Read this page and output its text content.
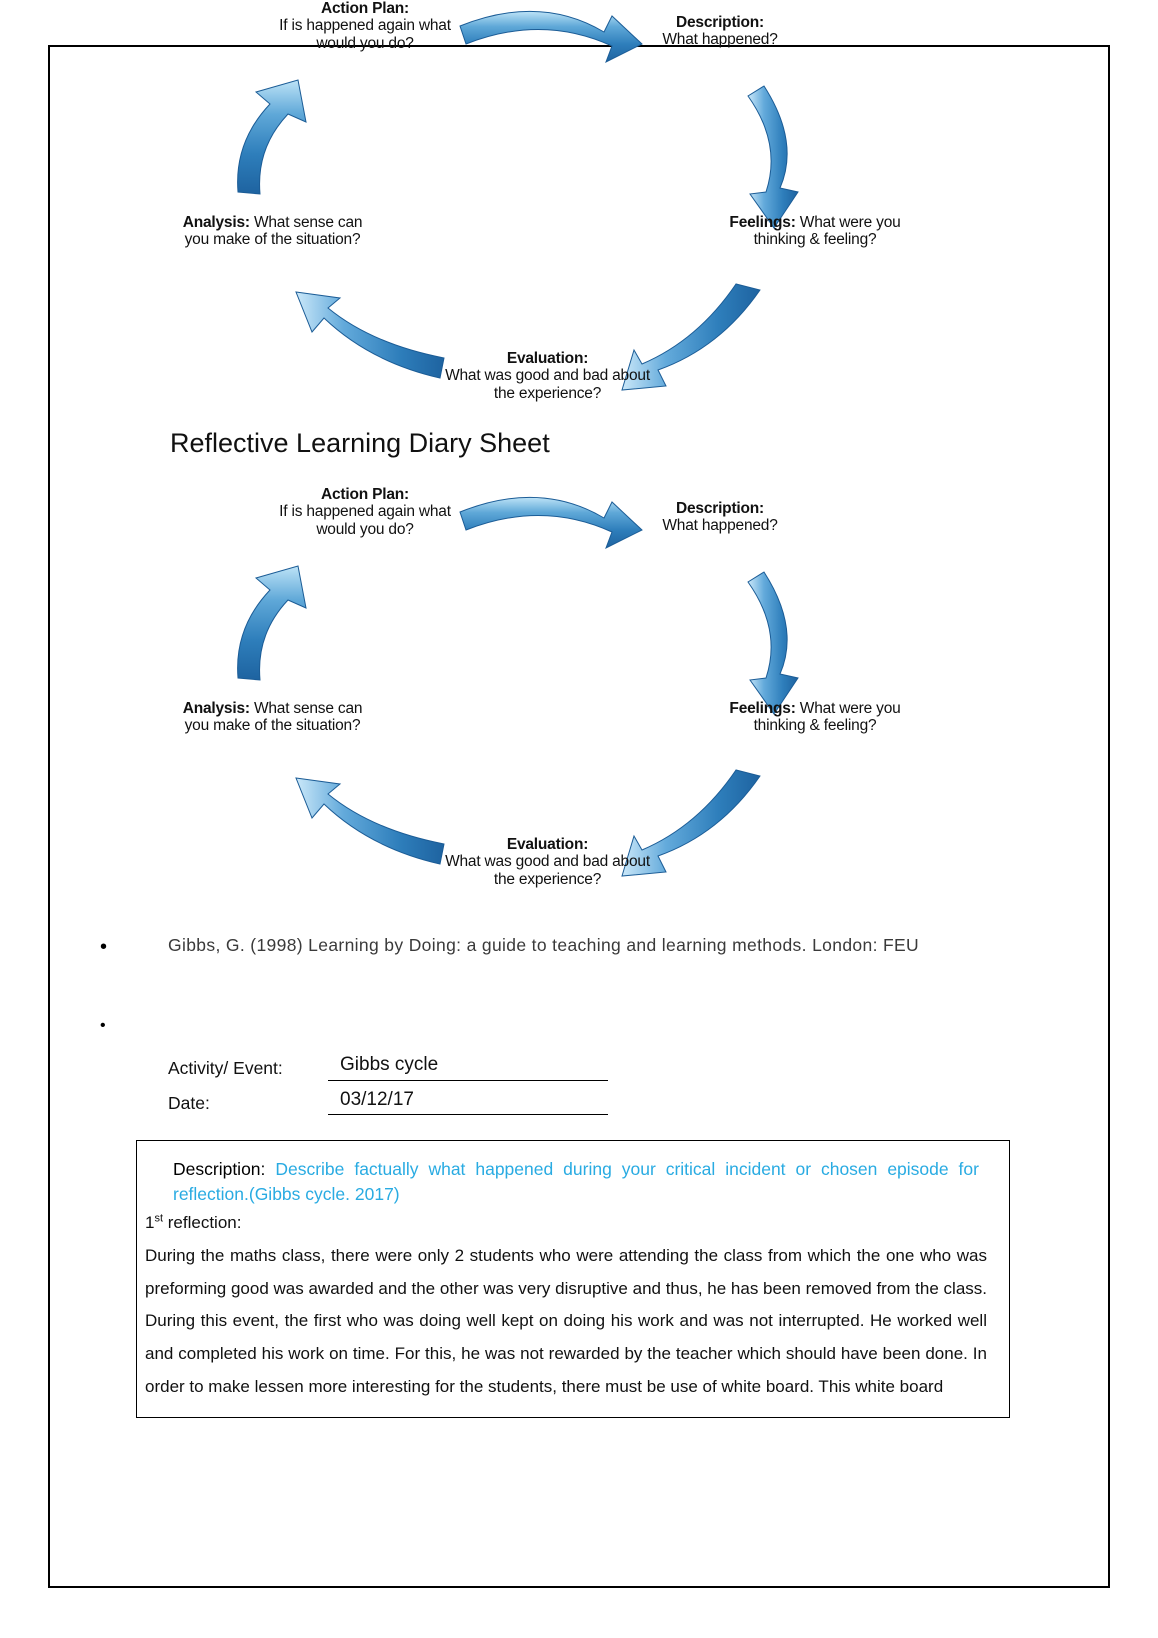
Action Plan:
If is happened again what would you do?
Description:
What happened?
Feelings: What were you thinking & feeling?
Evaluation:
What was good and bad about the experience?
Analysis: What sense can you make of the situation?
Reflective Learning Diary Sheet
Action Plan:
If is happened again what would you do?
Description:
What happened?
Feelings: What were you thinking & feeling?
Evaluation:
What was good and bad about the experience?
Analysis: What sense can you make of the situation?
•	Gibbs, G. (1998) Learning by Doing: a guide to teaching and learning methods. London: FEU
•
Activity/ Event:	Gibbs cycle
Date:	03/12/17
Description: Describe factually what happened during your critical incident or chosen episode for reflection.(Gibbs cycle. 2017)
1st reflection:
During the maths class, there were only 2 students who were attending the class from which the one who was preforming good was awarded and the other was very disruptive and thus, he has been removed from the class. During this event, the first who was doing well kept on doing his work and was not interrupted. He worked well and completed his work on time. For this, he was not rewarded by the teacher which should have been done. In order to make lessen more interesting for the students, there must be use of white board. This white board
